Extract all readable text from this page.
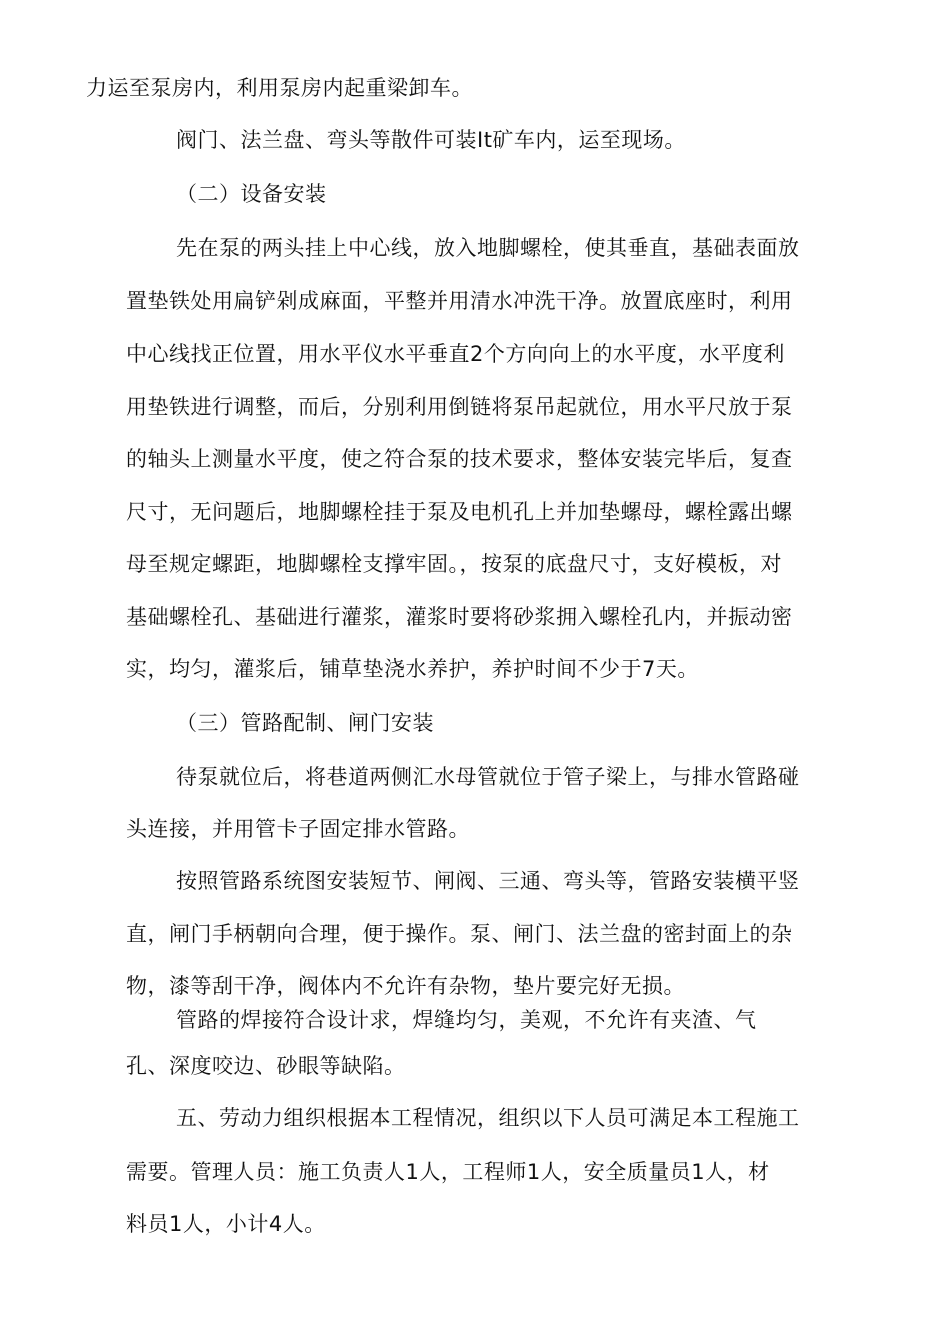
力运至泵房内，利用泵房内起重梁卸车。
阀门、法兰盘、弯头等散件可装It矿车内，运至现场。
（二）设备安装
先在泵的两头挂上中心线，放入地脚螺栓，使其垂直，基础表面放
置垫铁处用扁铲剁成麻面，平整并用清水冲洗干净。放置底座时，利用
中心线找正位置，用水平仪水平垂直2个方向向上的水平度，水平度利
用垫铁进行调整，而后，分别利用倒链将泵吊起就位，用水平尺放于泵
的轴头上测量水平度，使之符合泵的技术要求，整体安装完毕后，复查
尺寸，无问题后，地脚螺栓挂于泵及电机孔上并加垫螺母，螺栓露出螺
母至规定螺距，地脚螺栓支撑牢固。，按泵的底盘尺寸，支好模板，对
基础螺栓孔、基础进行灌浆，灌浆时要将砂浆拥入螺栓孔内，并振动密
实，均匀，灌浆后，铺草垫浇水养护，养护时间不少于7天。
（三）管路配制、闸门安装
待泵就位后，将巷道两侧汇水母管就位于管子梁上，与排水管路碰
头连接，并用管卡子固定排水管路。
按照管路系统图安装短节、闸阀、三通、弯头等，管路安装横平竖
直，闸门手柄朝向合理，便于操作。泵、闸门、法兰盘的密封面上的杂
物，漆等刮干净，阀体内不允许有杂物，垫片要完好无损。
管路的焊接符合设计求，焊缝均匀，美观，不允许有夹渣、气
孔、深度咬边、砂眼等缺陷。
五、劳动力组织根据本工程情况，组织以下人员可满足本工程施工
需要。管理人员：施工负责人1人，工程师1人，安全质量员1人，材
料员1人，小计4人。
